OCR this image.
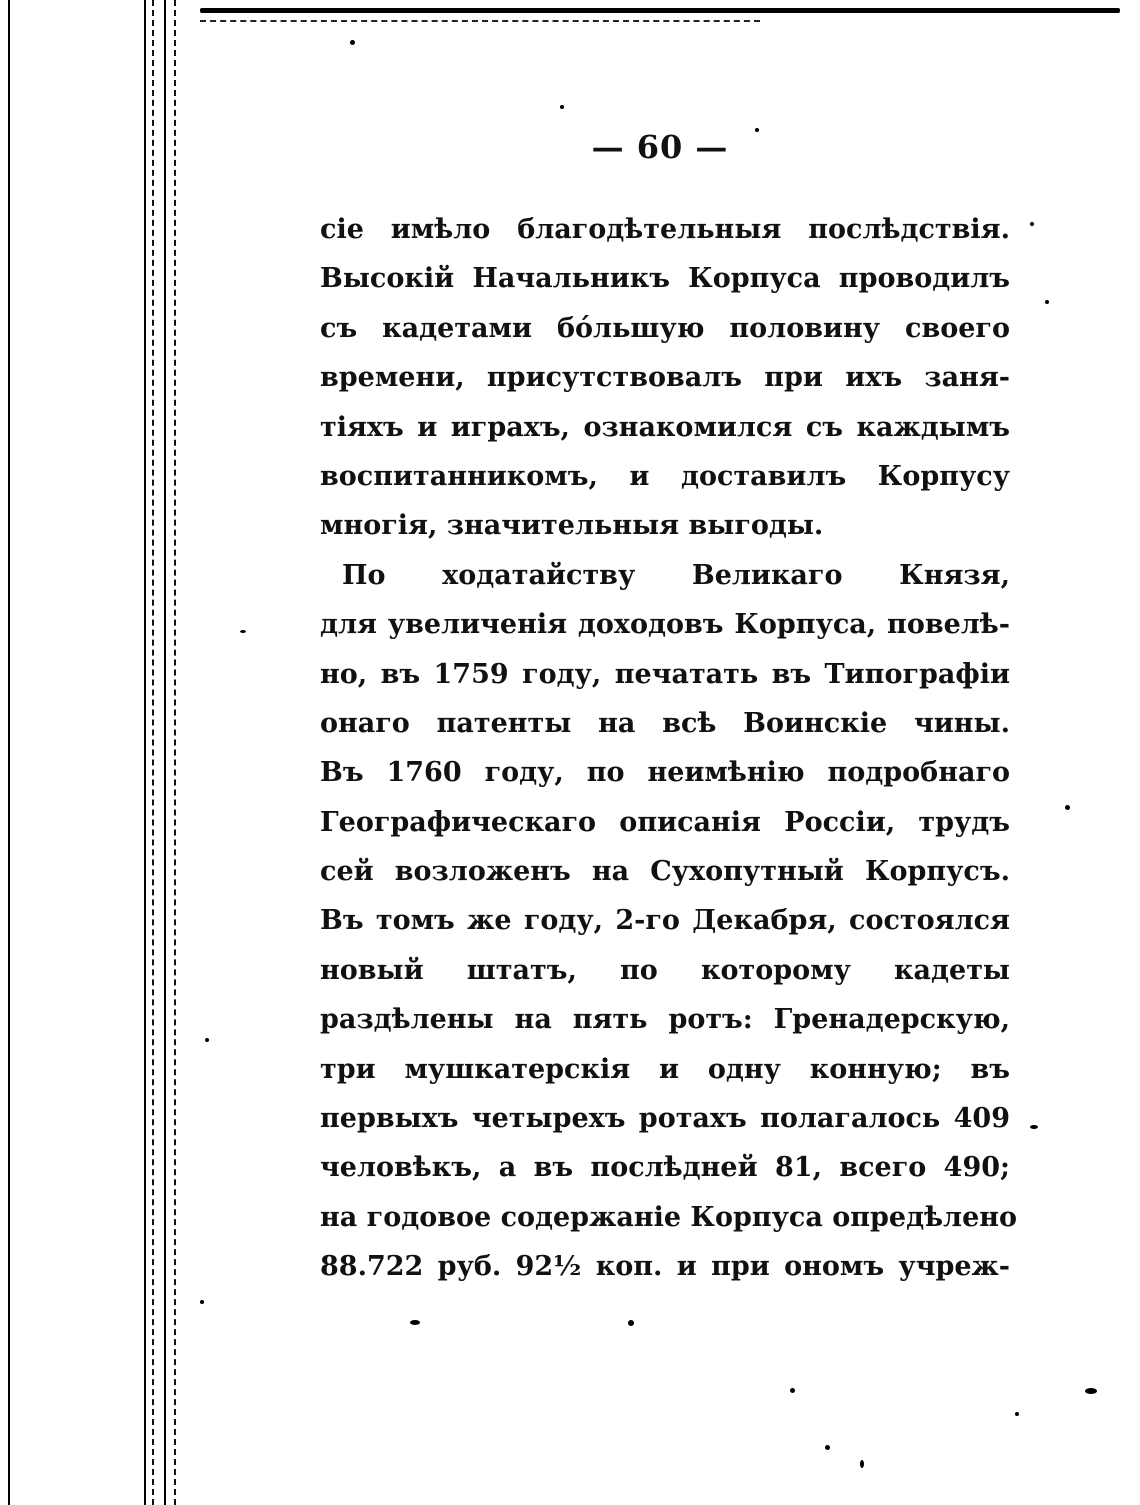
— 60 —
сіе имѣло благодѣтельныя послѣдствія.
Высокій Начальникъ Корпуса проводилъ
съ кадетами бо́льшую половину своего
времени, присутствовалъ при ихъ заня-
тіяхъ и играхъ, ознакомился съ каждымъ
воспитанникомъ, и доставилъ Корпусу
многія, значительныя выгоды.
По ходатайству Великаго Князя,
для увеличенія доходовъ Корпуса, повелѣ-
но, въ 1759 году, печатать въ Типографіи
онаго патенты на всѣ Воинскіе чины.
Въ 1760 году, по неимѣнію подробнаго
Географическаго описанія Россіи, трудъ
сей возложенъ на Сухопутный Корпусъ.
Въ томъ же году, 2-го Декабря, состоялся
новый штатъ, по которому кадеты
раздѣлены на пять ротъ: Гренадерскую,
три мушкатерскія и одну конную; въ
первыхъ четырехъ ротахъ полагалось 409
человѣкъ, а въ послѣдней 81, всего 490;
на годовое содержаніе Корпуса опредѣлено
88.722 руб. 92½ коп. и при ономъ учреж-
